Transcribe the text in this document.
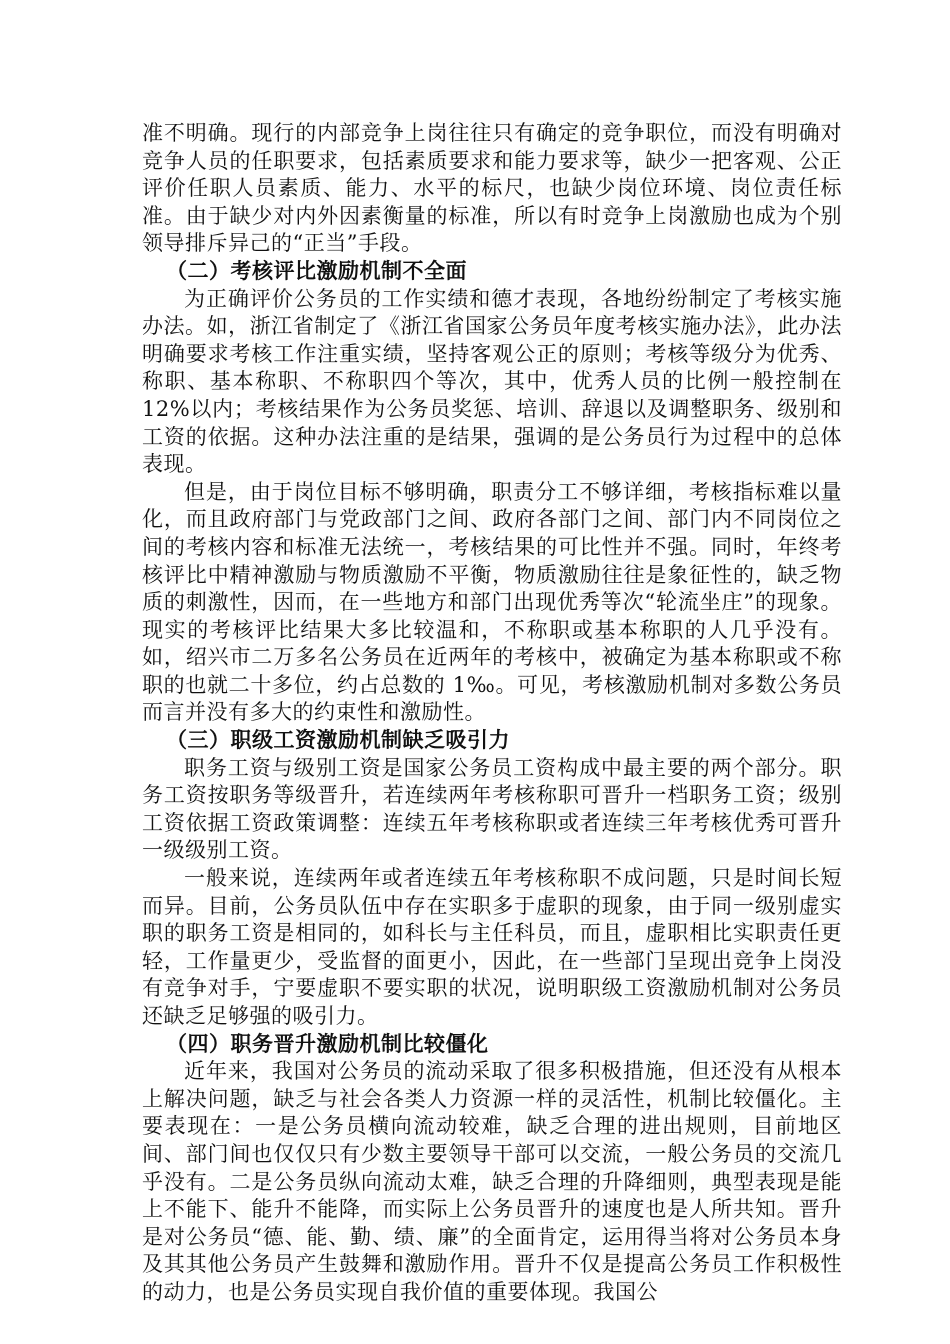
准不明确。现行的内部竞争上岗往往只有确定的竞争职位，而没有明确对竞争人员的任职要求，包括素质要求和能力要求等，缺少一把客观、公正评价任职人员素质、能力、水平的标尺，也缺少岗位环境、岗位责任标准。由于缺少对内外因素衡量的标准，所以有时竞争上岗激励也成为个别领导排斥异己的“正当”手段。

（二）考核评比激励机制不全面

为正确评价公务员的工作实绩和德才表现，各地纷纷制定了考核实施办法。如，浙江省制定了《浙江省国家公务员年度考核实施办法》，此办法明确要求考核工作注重实绩，坚持客观公正的原则；考核等级分为优秀、称职、基本称职、不称职四个等次，其中，优秀人员的比例一般控制在 12%以内；考核结果作为公务员奖惩、培训、辞退以及调整职务、级别和工资的依据。这种办法注重的是结果，强调的是公务员行为过程中的总体表现。

但是，由于岗位目标不够明确，职责分工不够详细，考核指标难以量化，而且政府部门与党政部门之间、政府各部门之间、部门内不同岗位之间的考核内容和标准无法统一，考核结果的可比性并不强。同时，年终考核评比中精神激励与物质激励不平衡，物质激励往往是象征性的，缺乏物质的刺激性，因而，在一些地方和部门出现优秀等次“轮流坐庄”的现象。现实的考核评比结果大多比较温和，不称职或基本称职的人几乎没有。如，绍兴市二万多名公务员在近两年的考核中，被确定为基本称职或不称职的也就二十多位，约占总数的 1‰。可见，考核激励机制对多数公务员而言并没有多大的约束性和激励性。

（三）职级工资激励机制缺乏吸引力

职务工资与级别工资是国家公务员工资构成中最主要的两个部分。职务工资按职务等级晋升，若连续两年考核称职可晋升一档职务工资；级别工资依据工资政策调整：连续五年考核称职或者连续三年考核优秀可晋升一级级别工资。

一般来说，连续两年或者连续五年考核称职不成问题，只是时间长短而异。目前，公务员队伍中存在实职多于虚职的现象，由于同一级别虚实职的职务工资是相同的，如科长与主任科员，而且，虚职相比实职责任更轻，工作量更少，受监督的面更小，因此，在一些部门呈现出竞争上岗没有竞争对手，宁要虚职不要实职的状况，说明职级工资激励机制对公务员还缺乏足够强的吸引力。

（四）职务晋升激励机制比较僵化

近年来，我国对公务员的流动采取了很多积极措施，但还没有从根本上解决问题，缺乏与社会各类人力资源一样的灵活性，机制比较僵化。主要表现在：一是公务员横向流动较难，缺乏合理的进出规则，目前地区间、部门间也仅仅只有少数主要领导干部可以交流，一般公务员的交流几乎没有。二是公务员纵向流动太难，缺乏合理的升降细则，典型表现是能上不能下、能升不能降，而实际上公务员晋升的速度也是人所共知。晋升是对公务员“德、能、勤、绩、廉”的全面肯定，运用得当将对公务员本身及其其他公务员产生鼓舞和激励作用。晋升不仅是提高公务员工作积极性的动力，也是公务员实现自我价值的重要体现。我国公
